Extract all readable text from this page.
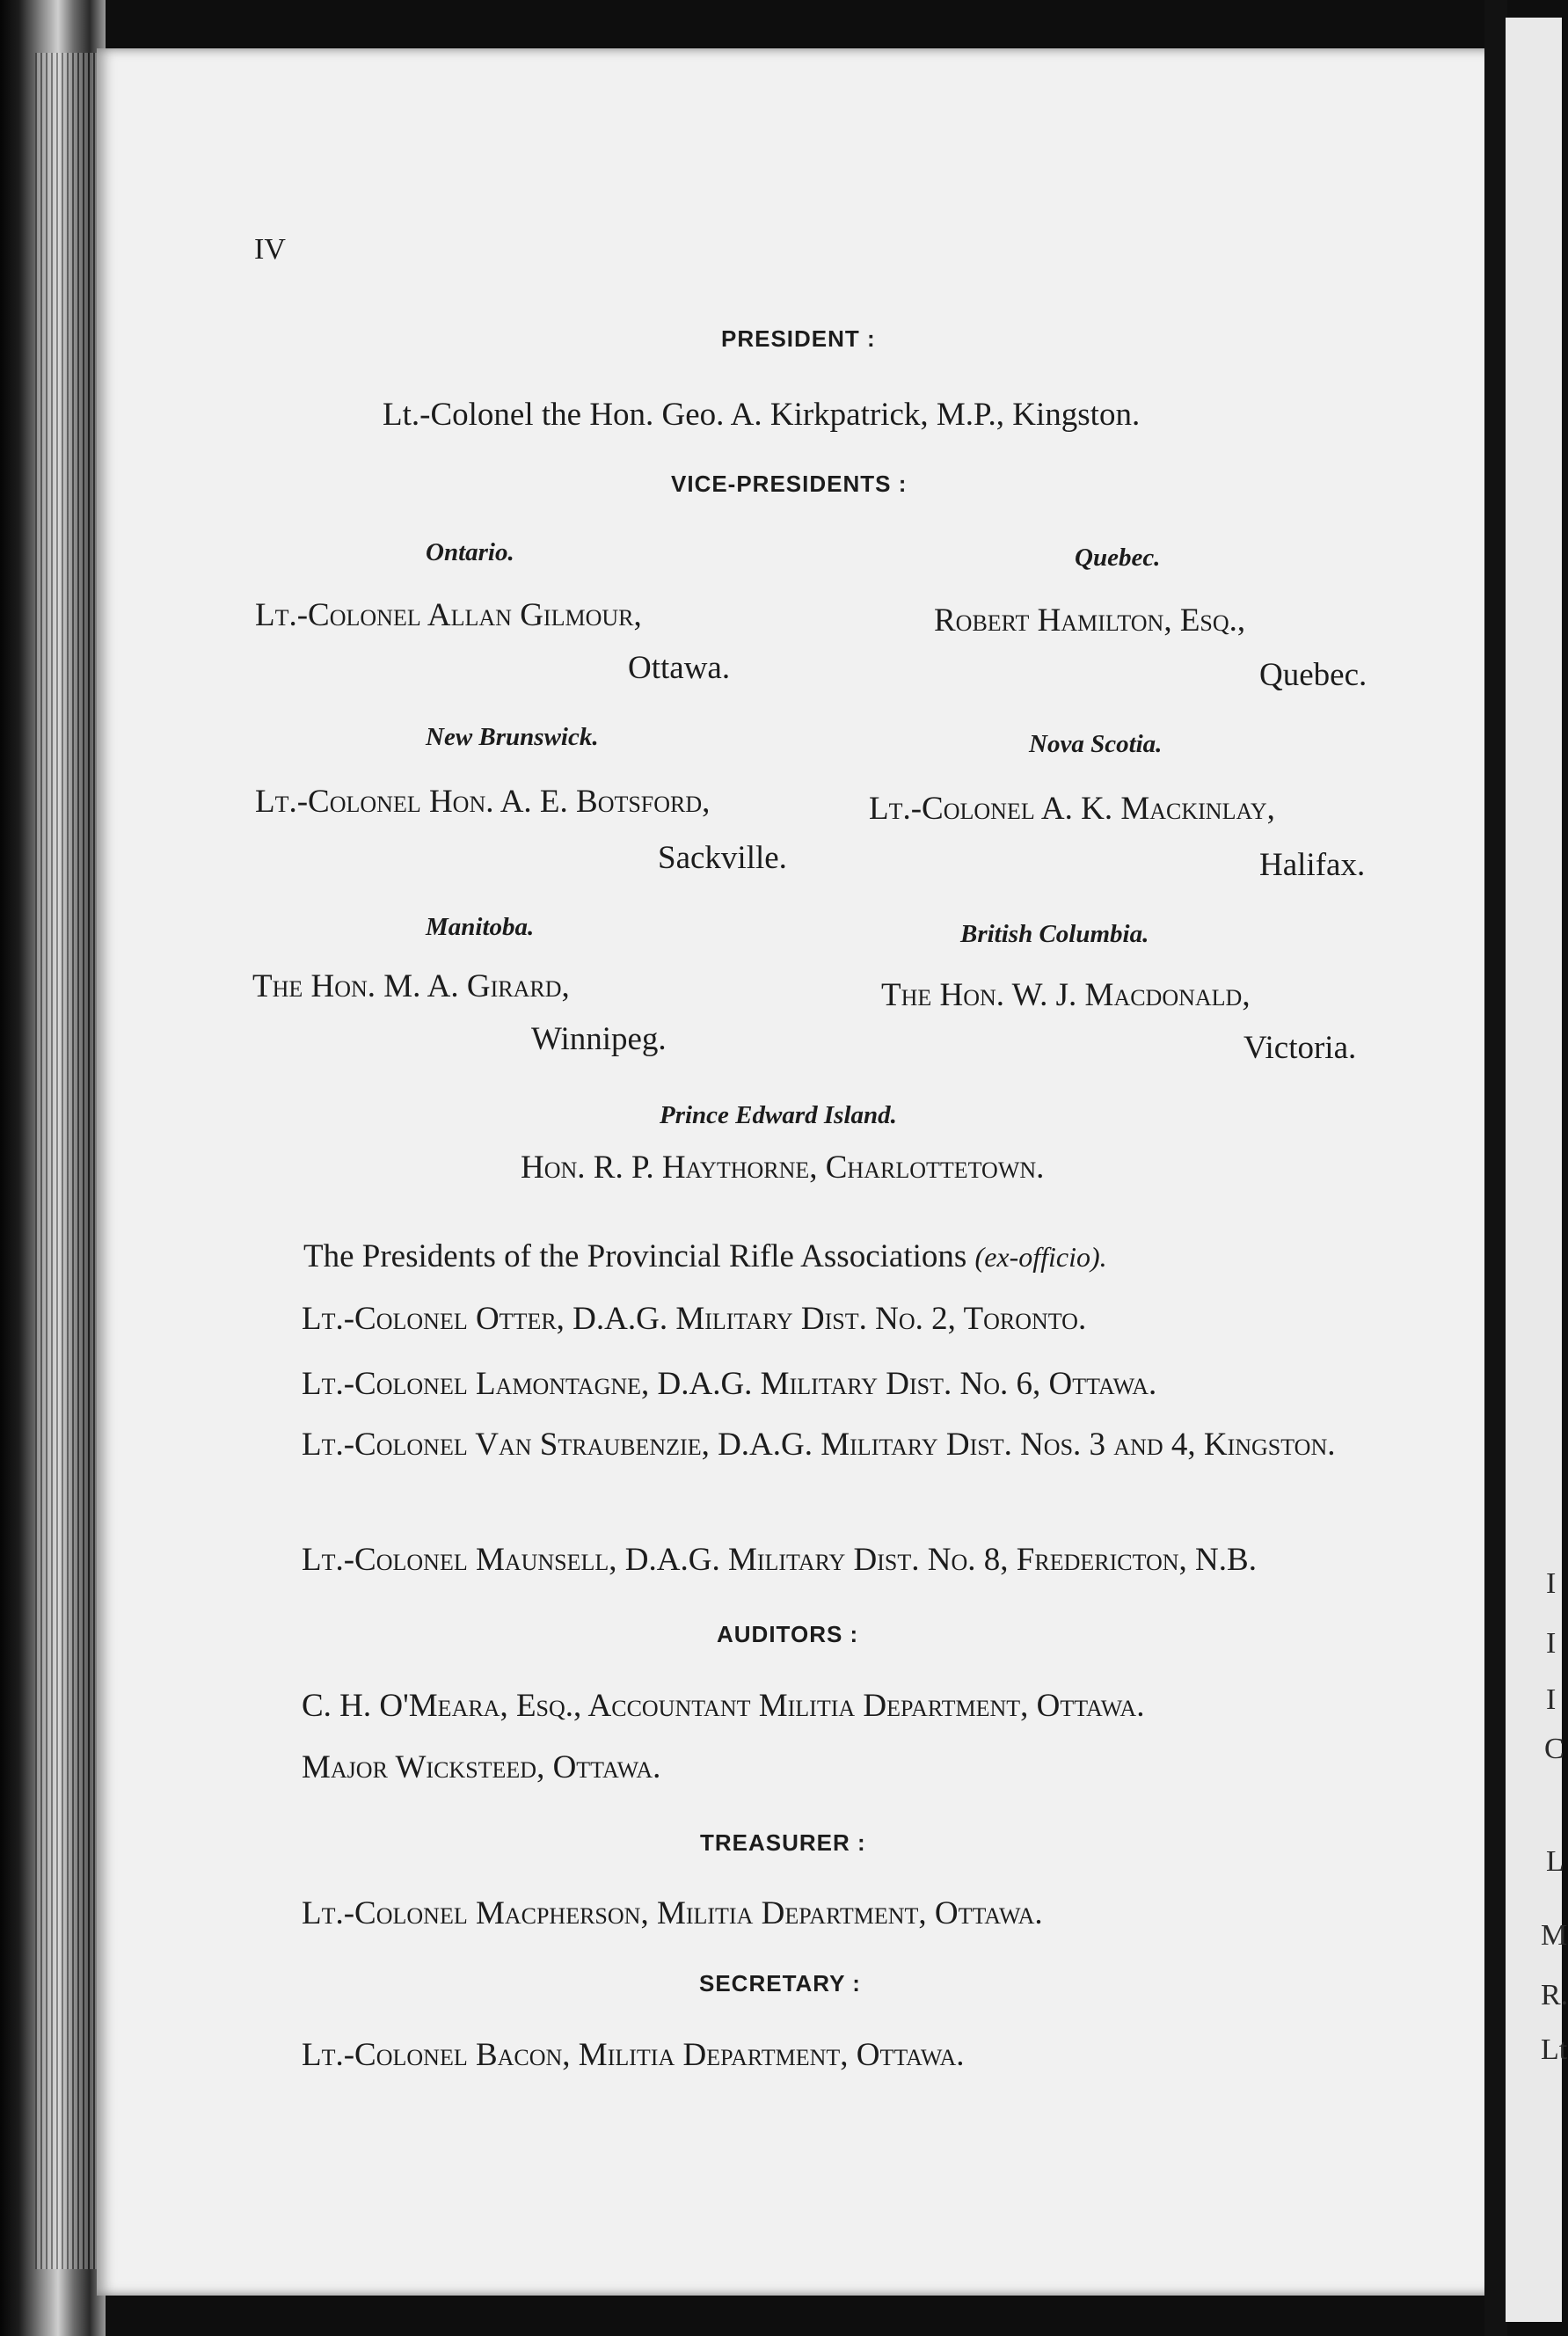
I
I
I
C
L
M
R.
Lt
IV
PRESIDENT :
Lt.-Colonel the Hon. Geo. A. Kirkpatrick, M.P., Kingston.
VICE-PRESIDENTS :
Ontario.	Quebec.
Lt.-Colonel Allan Gilmour,	Robert Hamilton, Esq.,
Ottawa.	Quebec.
New Brunswick.	Nova Scotia.
Lt.-Colonel Hon. A. E. Botsford,	Lt.-Colonel A. K. Mackinlay,
Sackville.	Halifax.
Manitoba.	British Columbia.
The Hon. M. A. Girard,	The Hon. W. J. Macdonald,
Winnipeg.	Victoria.
Prince Edward Island.
Hon. R. P. Haythorne, Charlottetown.
The Presidents of the Provincial Rifle Associations (ex-officio).
Lt.-Colonel Otter, D.A.G. Military Dist. No. 2, Toronto.
Lt.-Colonel Lamontagne, D.A.G. Military Dist. No. 6, Ottawa.
Lt.-Colonel Van Straubenzie, D.A.G. Military Dist. Nos. 3 and 4, Kingston.
Lt.-Colonel Maunsell, D.A.G. Military Dist. No. 8, Fredericton, N.B.
AUDITORS :
C. H. O'Meara, Esq., Accountant Militia Department, Ottawa.
Major Wicksteed, Ottawa.
TREASURER :
Lt.-Colonel Macpherson, Militia Department, Ottawa.
SECRETARY :
Lt.-Colonel Bacon, Militia Department, Ottawa.
